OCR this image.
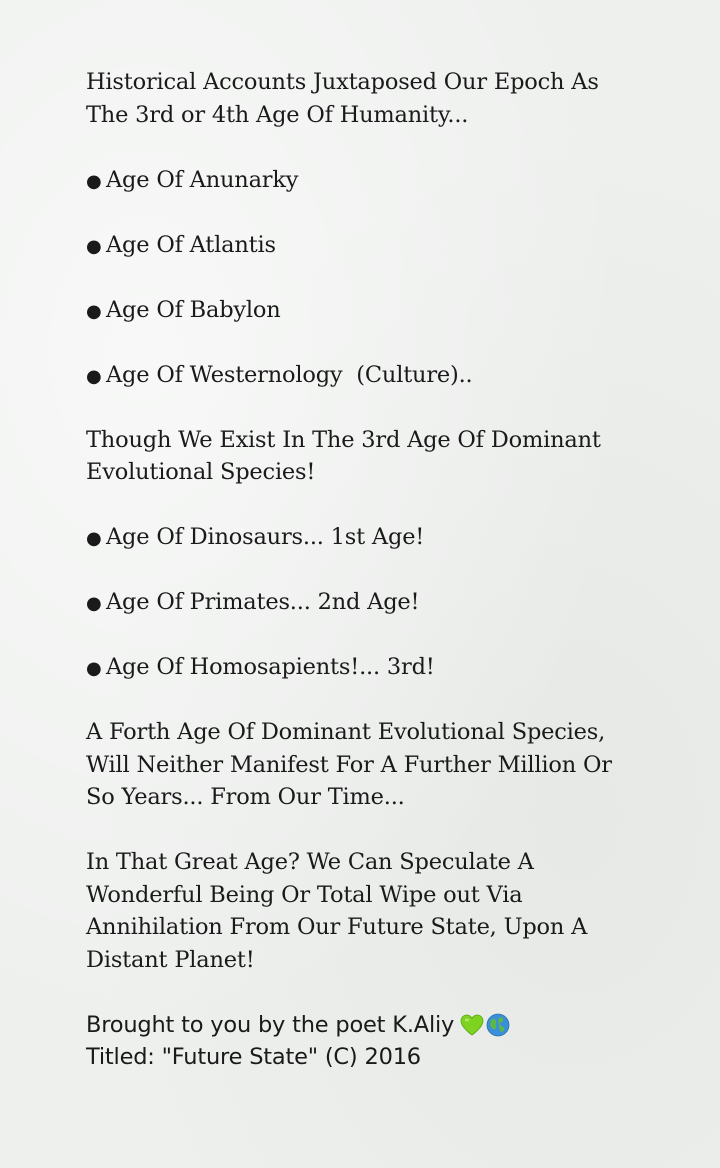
Historical Accounts Juxtaposed Our Epoch As
The 3rd or 4th Age Of Humanity...
● Age Of Anunarky
● Age Of Atlantis
● Age Of Babylon
● Age Of Westernology  (Culture)..
Though We Exist In The 3rd Age Of Dominant
Evolutional Species!
● Age Of Dinosaurs... 1st Age!
● Age Of Primates... 2nd Age!
● Age Of Homosapients!... 3rd!
A Forth Age Of Dominant Evolutional Species,
Will Neither Manifest For A Further Million Or
So Years... From Our Time...
In That Great Age? We Can Speculate A
Wonderful Being Or Total Wipe out Via
Annihilation From Our Future State, Upon A
Distant Planet!
Brought to you by the poet K.Aliy
Titled: "Future State" (C) 2016
